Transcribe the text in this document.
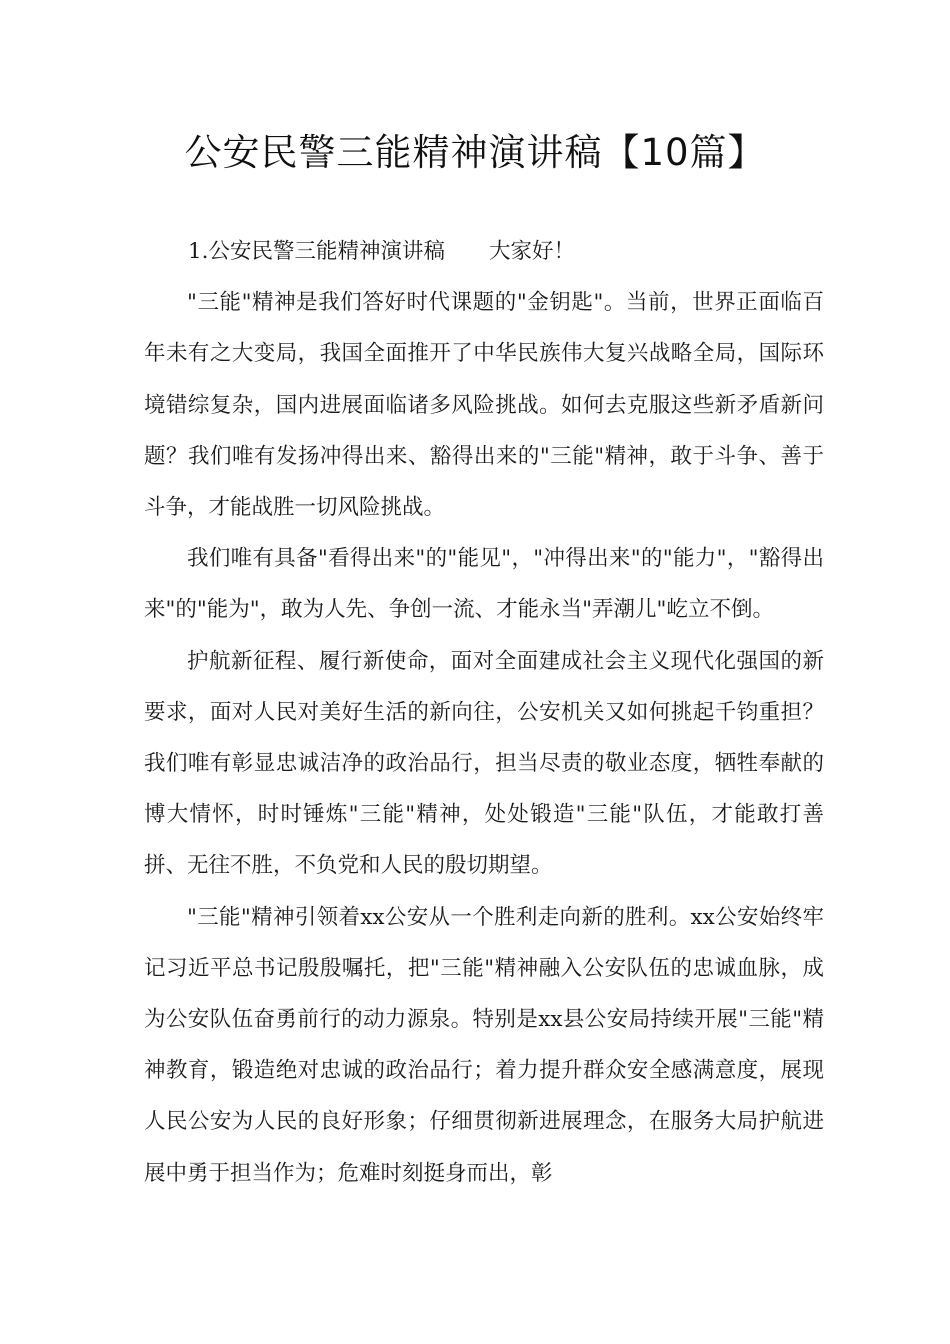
公安民警三能精神演讲稿【10篇】

1.公安民警三能精神演讲稿 大家好！

"三能"精神是我们答好时代课题的"金钥匙"。当前，世界正面临百年未有之大变局，我国全面推开了中华民族伟大复兴战略全局，国际环境错综复杂，国内进展面临诸多风险挑战。如何去克服这些新矛盾新问题？我们唯有发扬冲得出来、豁得出来的"三能"精神，敢于斗争、善于斗争，才能战胜一切风险挑战。

我们唯有具备"看得出来"的"能见"，"冲得出来"的"能力"，"豁得出来"的"能为"，敢为人先、争创一流、才能永当"弄潮儿"屹立不倒。

护航新征程、履行新使命，面对全面建成社会主义现代化强国的新要求，面对人民对美好生活的新向往，公安机关又如何挑起千钧重担？我们唯有彰显忠诚洁净的政治品行，担当尽责的敬业态度，牺牲奉献的博大情怀，时时锤炼"三能"精神，处处锻造"三能"队伍，才能敢打善拼、无往不胜，不负党和人民的殷切期望。

"三能"精神引领着xx公安从一个胜利走向新的胜利。xx公安始终牢记习近平总书记殷殷嘱托，把"三能"精神融入公安队伍的忠诚血脉，成为公安队伍奋勇前行的动力源泉。特别是xx县公安局持续开展"三能"精神教育，锻造绝对忠诚的政治品行；着力提升群众安全感满意度，展现人民公安为人民的良好形象；仔细贯彻新进展理念，在服务大局护航进展中勇于担当作为；危难时刻挺身而出，彰
